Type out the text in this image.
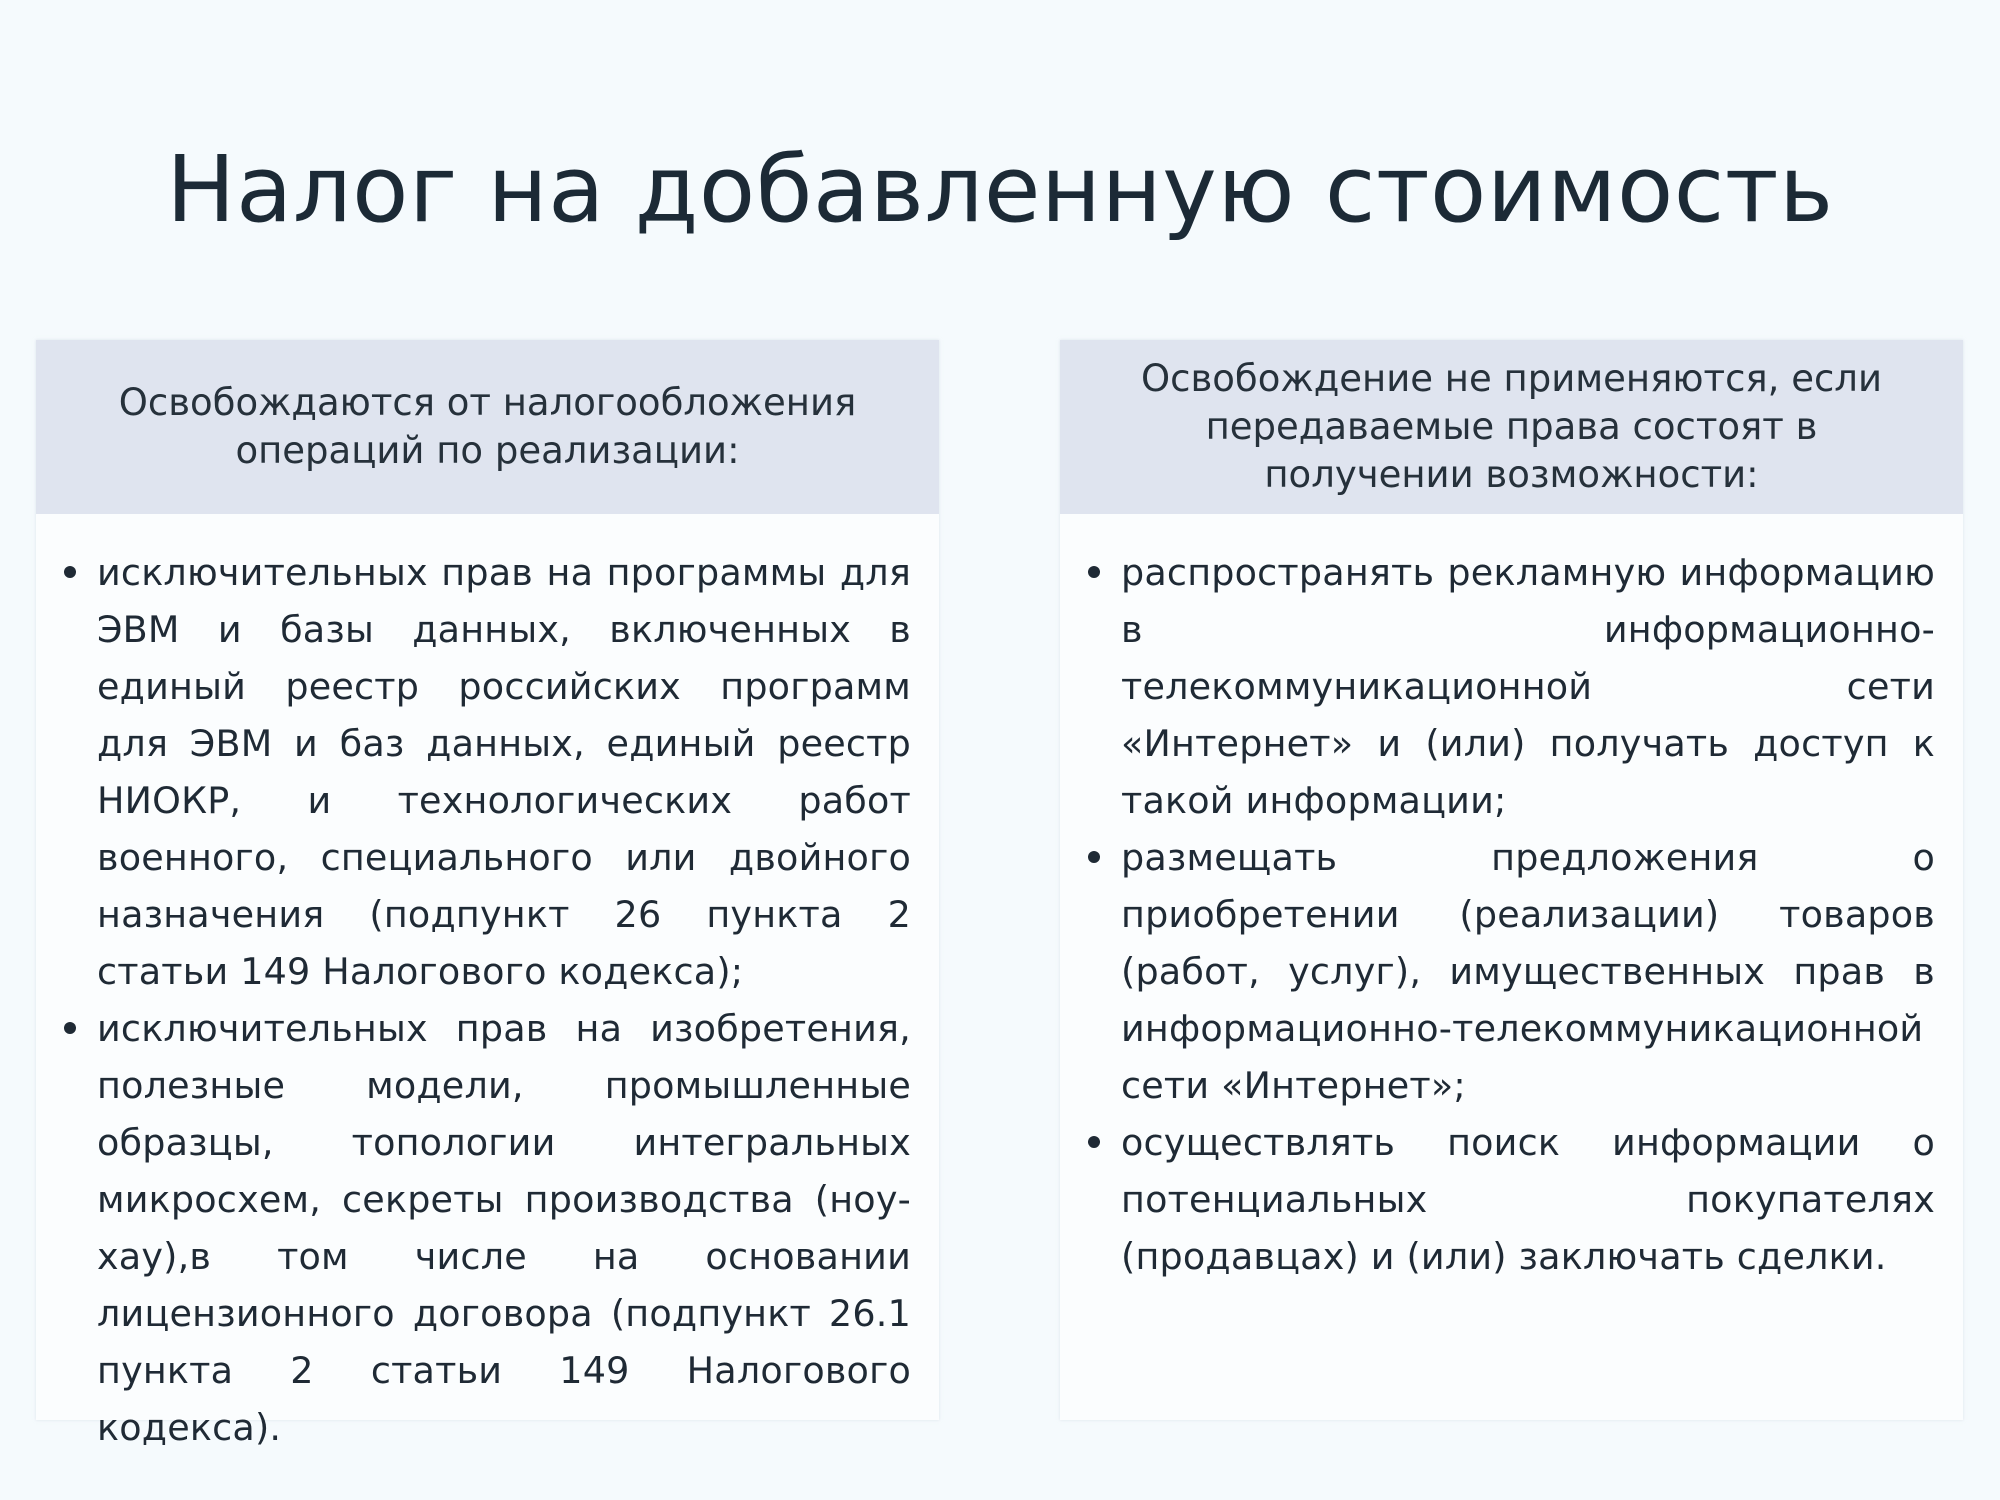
Налог на добавленную стоимость
Освобождаются от налогообложения операций по реализации:
исключительных прав на программы для ЭВМ и базы данных, включенных в единый реестр российских программ для ЭВМ и баз данных, единый реестр НИОКР, и технологических работ военного, специального или двойного назначения (подпункт 26 пункта 2 статьи 149 Налогового кодекса);
исключительных прав на изобретения, полезные модели, промышленные образцы, топологии интегральных микросхем, секреты производства (ноу-хау),в том числе на основании лицензионного договора (подпункт 26.1 пункта 2 статьи 149 Налогового кодекса).
Освобождение не применяются, если передаваемые права состоят в получении возможности:
распространять рекламную информацию в информационно-телекоммуникационной сети «Интернет» и (или) получать доступ к такой информации;
размещать предложения о приобретении (реализации) товаров (работ, услуг), имущественных прав в информационно-телекоммуникационной сети «Интернет»;
осуществлять поиск информации о потенциальных покупателях (продавцах) и (или) заключать сделки.
